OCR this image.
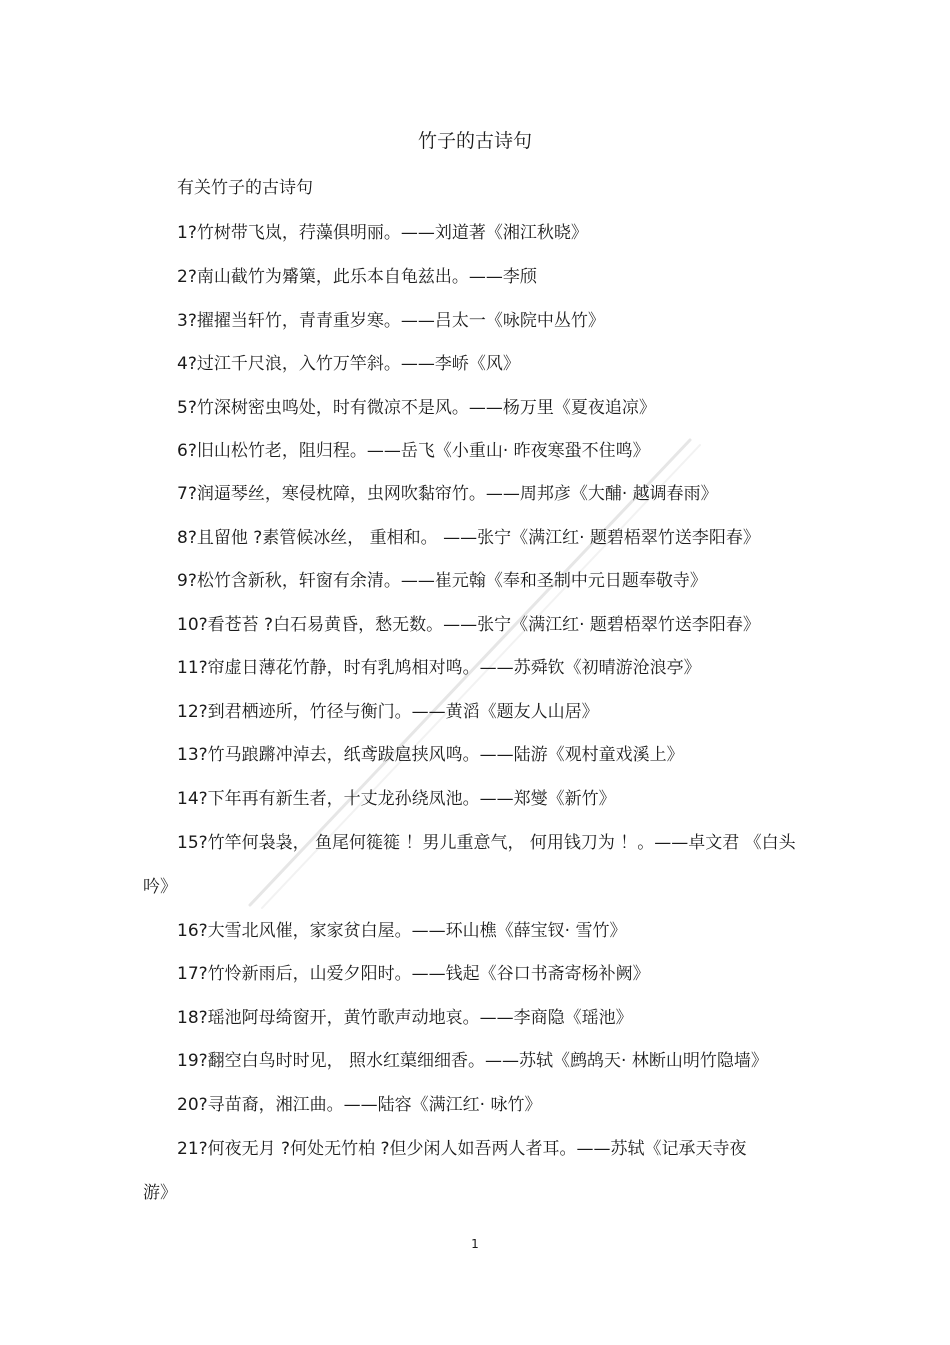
竹子的古诗句
有关竹子的古诗句
1?竹树带飞岚，荇藻俱明丽。——刘道著《湘江秋晓》
2?南山截竹为觱篥，此乐本自龟兹出。——李颀
3?擢擢当轩竹，青青重岁寒。——吕太一《咏院中丛竹》
4?过江千尺浪，入竹万竿斜。——李峤《风》
5?竹深树密虫鸣处，时有微凉不是风。——杨万里《夏夜追凉》
6?旧山松竹老，阻归程。——岳飞《小重山· 昨夜寒蛩不住鸣》
7?润逼琴丝，寒侵枕障，虫网吹黏帘竹。——周邦彦《大酺· 越调春雨》
8?且留他 ?素管候冰丝， 重相和。 ——张宁《满江红· 题碧梧翠竹送李阳春》
9?松竹含新秋，轩窗有余清。——崔元翰《奉和圣制中元日题奉敬寺》
10?看苍苔 ?白石易黄昏，愁无数。——张宁《满江红· 题碧梧翠竹送李阳春》
11?帘虚日薄花竹静，时有乳鸠相对鸣。——苏舜钦《初晴游沧浪亭》
12?到君栖迹所，竹径与衡门。——黄滔《题友人山居》
13?竹马踉蹡冲淖去，纸鸢跋扈挟风鸣。——陆游《观村童戏溪上》
14?下年再有新生者，十丈龙孙绕凤池。——郑燮《新竹》
15?竹竿何袅袅， 鱼尾何簁簁 ！男儿重意气， 何用钱刀为 ！。——卓文君 《白头
吟》
16?大雪北风催，家家贫白屋。——环山樵《薛宝钗· 雪竹》
17?竹怜新雨后，山爱夕阳时。——钱起《谷口书斋寄杨补阙》
18?瑶池阿母绮窗开，黄竹歌声动地哀。——李商隐《瑶池》
19?翻空白鸟时时见， 照水红蕖细细香。——苏轼《鹧鸪天· 林断山明竹隐墙》
20?寻苗裔，湘江曲。——陆容《满江红· 咏竹》
21?何夜无月 ?何处无竹柏 ?但少闲人如吾两人者耳。——苏轼《记承天寺夜
游》
1
